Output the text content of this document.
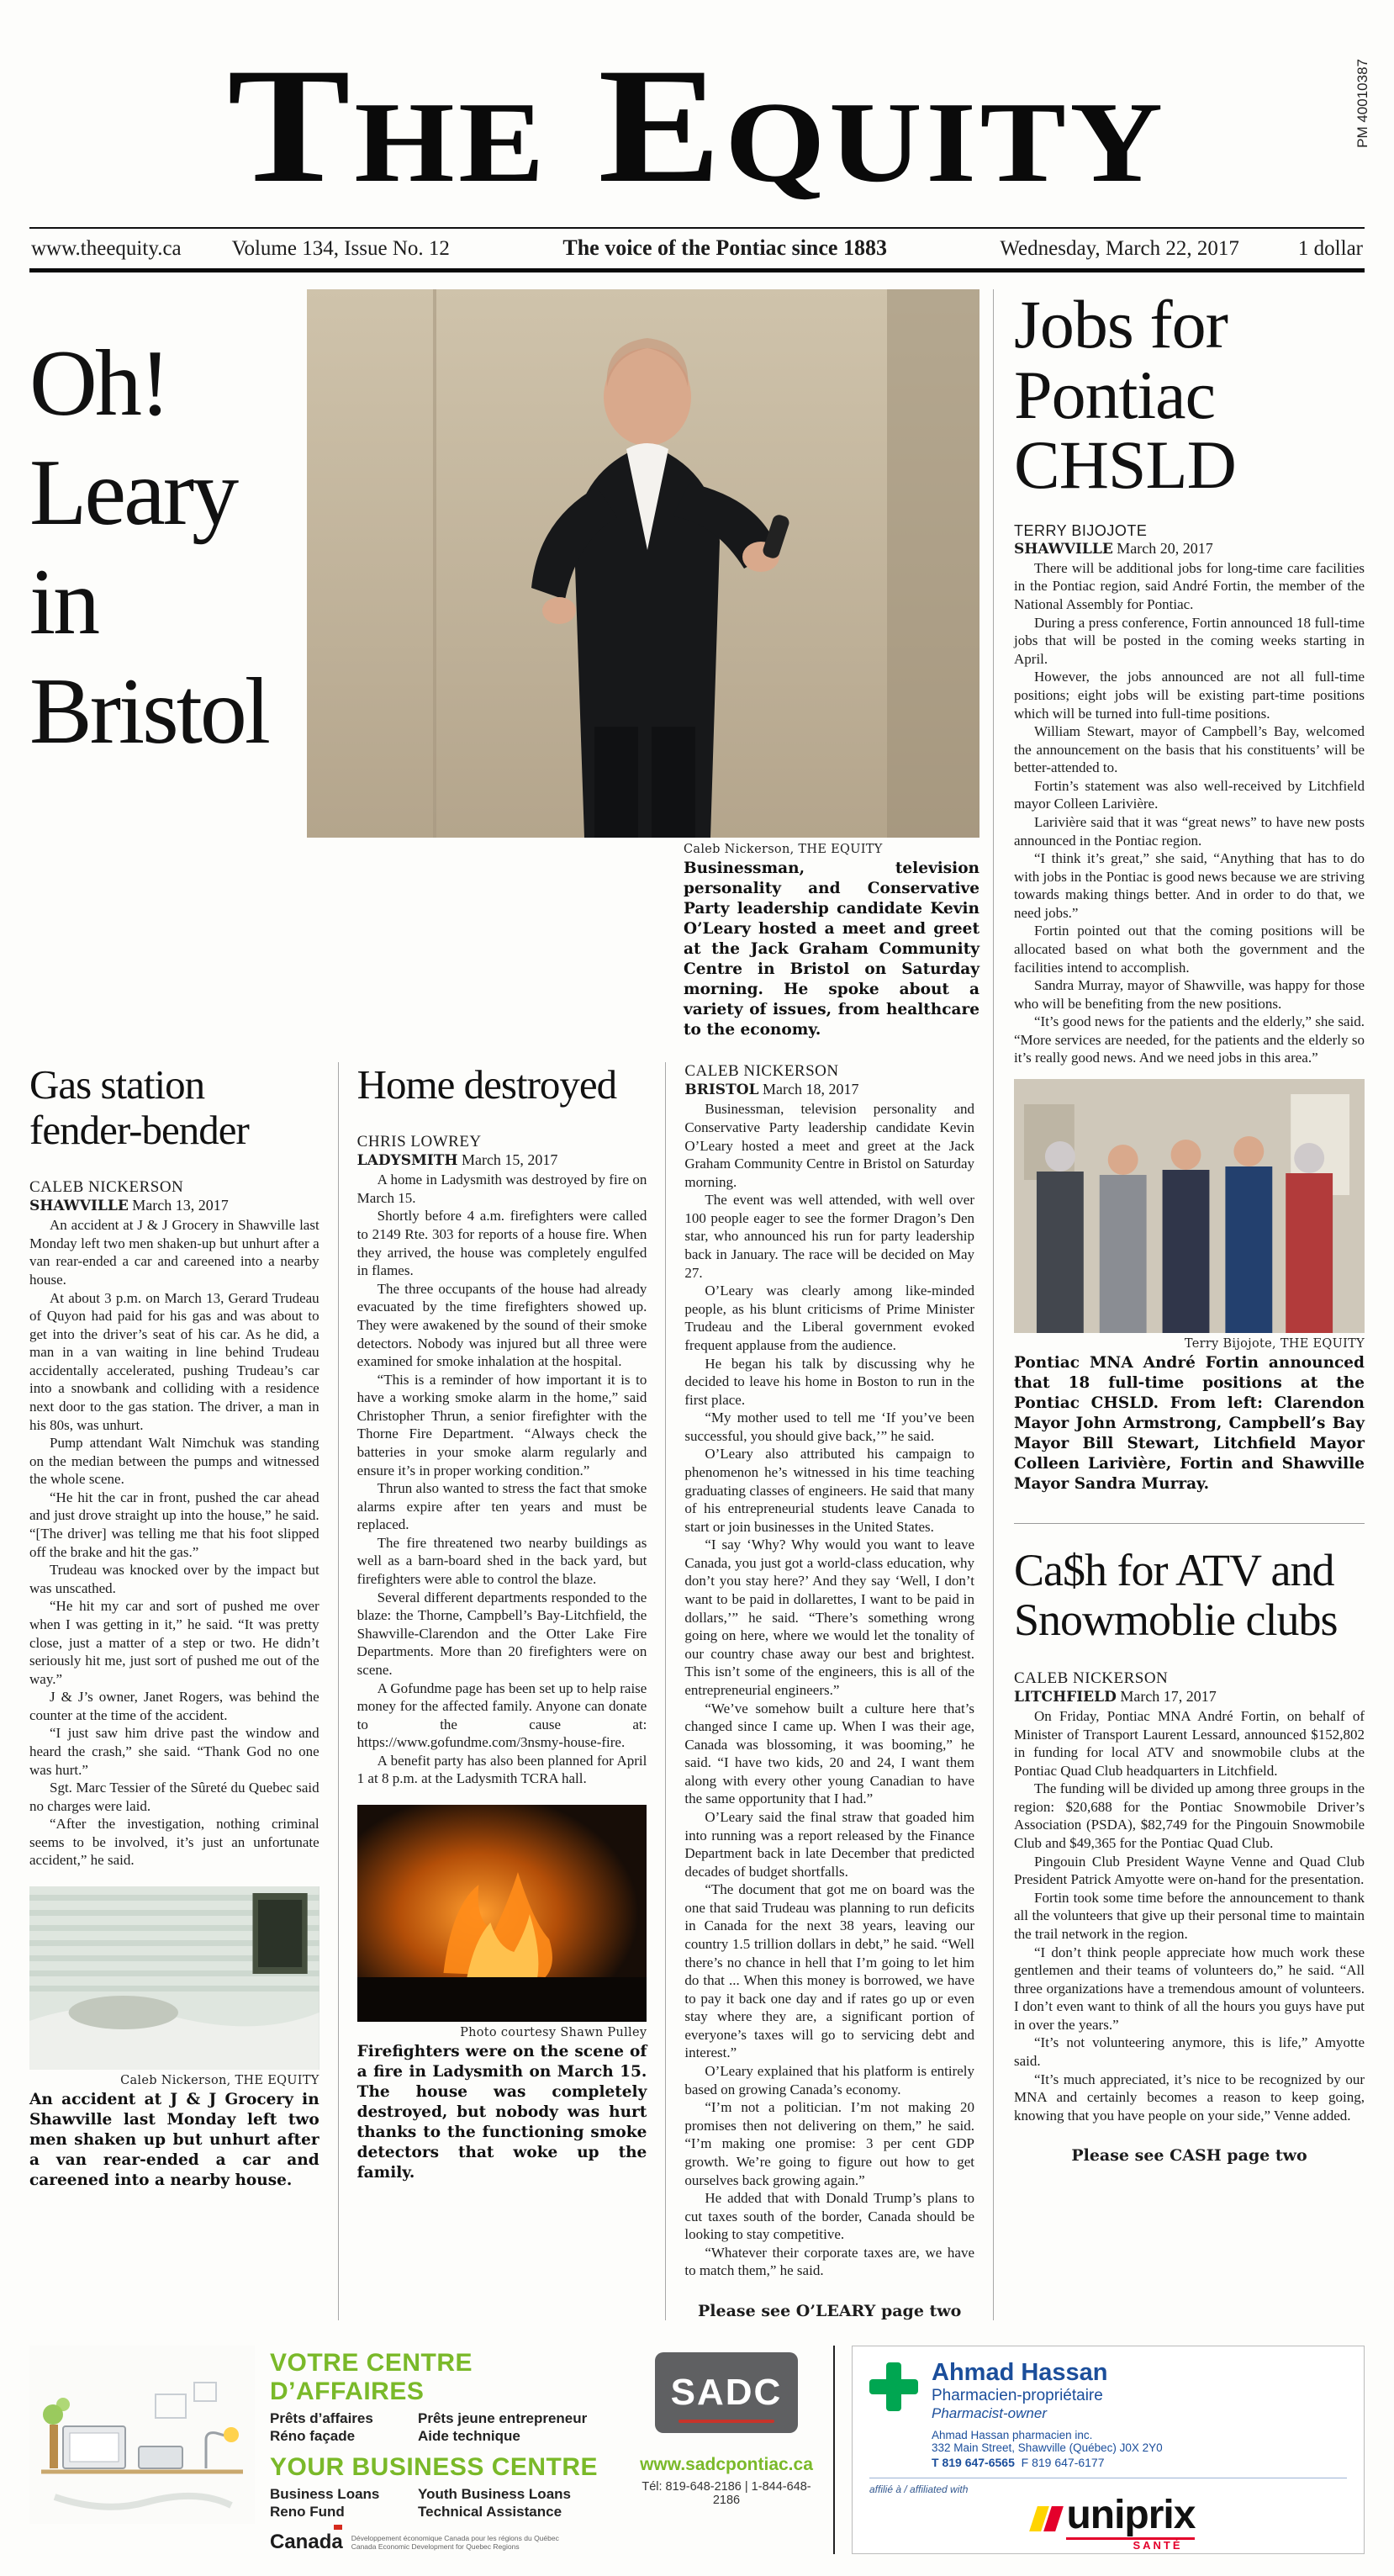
The Equity	PM 40010387
www.theequity.ca Volume 134, Issue No. 12	The voice of the Pontiac since 1883	Wednesday, March 22, 2017	1 dollar
Oh!
Leary
in
Bristol
Caleb Nickerson, THE EQUITY

Businessman, television personality and Conservative Party leadership candidate Kevin O’Leary hosted a meet and greet at the Jack Graham Community Centre in Bristol on Saturday morning. He spoke about a variety of issues, from healthcare to the economy.

Gas station
fender-bender
CALEB NICKERSON
SHAWVILLE March 13, 2017

An accident at J & J Grocery in Shawville last Monday left two men shaken-up but unhurt after a van rear-ended a car and careened into a nearby house.

At about 3 p.m. on March 13, Gerard Trudeau of Quyon had paid for his gas and was about to get into the driver’s seat of his car. As he did, a man in a van waiting in line behind Trudeau accidentally accelerated, pushing Trudeau’s car into a snowbank and colliding with a residence next door to the gas station. The driver, a man in his 80s, was unhurt.

Pump attendant Walt Nimchuk was standing on the median between the pumps and witnessed the whole scene.

“He hit the car in front, pushed the car ahead and just drove straight up into the house,” he said. “[The driver] was telling me that his foot slipped off the brake and hit the gas.”

Trudeau was knocked over by the impact but was unscathed.

“He hit my car and sort of pushed me over when I was getting in it,” he said. “It was pretty close, just a matter of a step or two. He didn’t seriously hit me, just sort of pushed me out of the way.”

J & J’s owner, Janet Rogers, was behind the counter at the time of the accident.

“I just saw him drive past the window and heard the crash,” she said. “Thank God no one was hurt.”

Sgt. Marc Tessier of the Sûreté du Quebec said no charges were laid.

“After the investigation, nothing criminal seems to be involved, it’s just an unfortunate accident,” he said.

Caleb Nickerson, THE EQUITY

An accident at J & J Grocery in Shawville last Monday left two men shaken up but unhurt after a van rear-ended a car and careened into a nearby house.

Home destroyed
CHRIS LOWREY
LADYSMITH March 15, 2017

A home in Ladysmith was destroyed by fire on March 15.

Shortly before 4 a.m. firefighters were called to 2149 Rte. 303 for reports of a house fire. When they arrived, the house was completely engulfed in flames.

The three occupants of the house had already evacuated by the time firefighters showed up. They were awakened by the sound of their smoke detectors. Nobody was injured but all three were examined for smoke inhalation at the hospital.

“This is a reminder of how important it is to have a working smoke alarm in the home,” said Christopher Thrun, a senior firefighter with the Thorne Fire Department. “Always check the batteries in your smoke alarm regularly and ensure it’s in proper working condition.”

Thrun also wanted to stress the fact that smoke alarms expire after ten years and must be replaced.

The fire threatened two nearby buildings as well as a barn-board shed in the back yard, but firefighters were able to control the blaze.

Several different departments responded to the blaze: the Thorne, Campbell’s Bay-Litchfield, the Shawville-Clarendon and the Otter Lake Fire Departments. More than 20 firefighters were on scene.

A Gofundme page has been set up to help raise money for the affected family. Anyone can donate to the cause at: https://www.gofundme.com/3nsmy-house-fire.

A benefit party has also been planned for April 1 at 8 p.m. at the Ladysmith TCRA hall.

Photo courtesy Shawn Pulley

Firefighters were on the scene of a fire in Ladysmith on March 15. The house was completely destroyed, but nobody was hurt thanks to the functioning smoke detectors that woke up the family.

CALEB NICKERSON
BRISTOL March 18, 2017

Businessman, television personality and Conservative Party leadership candidate Kevin O’Leary hosted a meet and greet at the Jack Graham Community Centre in Bristol on Saturday morning.

The event was well attended, with well over 100 people eager to see the former Dragon’s Den star, who announced his run for party leadership back in January. The race will be decided on May 27.

O’Leary was clearly among like-minded people, as his blunt criticisms of Prime Minister Trudeau and the Liberal government evoked frequent applause from the audience.

He began his talk by discussing why he decided to leave his home in Boston to run in the first place.

“My mother used to tell me ‘If you’ve been successful, you should give back,’” he said.

O’Leary also attributed his campaign to phenomenon he’s witnessed in his time teaching graduating classes of engineers. He said that many of his entrepreneurial students leave Canada to start or join businesses in the United States.

“I say ‘Why? Why would you want to leave Canada, you just got a world-class education, why don’t you stay here?’ And they say ‘Well, I don’t want to be paid in dollarettes, I want to be paid in dollars,’” he said. “There’s something wrong going on here, where we would let the tonality of our country chase away our best and brightest. This isn’t some of the engineers, this is all of the entrepreneurial engineers.”

“We’ve somehow built a culture here that’s changed since I came up. When I was their age, Canada was blossoming, it was booming,” he said. “I have two kids, 20 and 24, I want them along with every other young Canadian to have the same opportunity that I had.”

O’Leary said the final straw that goaded him into running was a report released by the Finance Department back in late December that predicted decades of budget shortfalls.

“The document that got me on board was the one that said Trudeau was planning to run deficits in Canada for the next 38 years, leaving our country 1.5 trillion dollars in debt,” he said. “Well there’s no chance in hell that I’m going to let him do that ... When this money is borrowed, we have to pay it back one day and if rates go up or even stay where they are, a significant portion of everyone’s taxes will go to servicing debt and interest.”

O’Leary explained that his platform is entirely based on growing Canada’s economy.

“I’m not a politician. I’m not making 20 promises then not delivering on them,” he said. “I’m making one promise: 3 per cent GDP growth. We’re going to figure out how to get ourselves back growing again.”

He added that with Donald Trump’s plans to cut taxes south of the border, Canada should be looking to stay competitive.

“Whatever their corporate taxes are, we have to match them,” he said.

Please see O’LEARY page two
Jobs for
Pontiac
CHSLD
TERRY BIJOJOTE
SHAWVILLE March 20, 2017

There will be additional jobs for long-time care facilities in the Pontiac region, said André Fortin, the member of the National Assembly for Pontiac.

During a press conference, Fortin announced 18 full-time jobs that will be posted in the coming weeks starting in April.

However, the jobs announced are not all full-time positions; eight jobs will be existing part-time positions which will be turned into full-time positions.

William Stewart, mayor of Campbell’s Bay, welcomed the announcement on the basis that his constituents’ will be better-attended to.

Fortin’s statement was also well-received by Litchfield mayor Colleen Larivière.

Larivière said that it was “great news” to have new posts announced in the Pontiac region.

“I think it’s great,” she said, “Anything that has to do with jobs in the Pontiac is good news because we are striving towards making things better. And in order to do that, we need jobs.”

Fortin pointed out that the coming positions will be allocated based on what both the government and the facilities intend to accomplish.

Sandra Murray, mayor of Shawville, was happy for those who will be benefiting from the new positions.

“It’s good news for the patients and the elderly,” she said. “More services are needed, for the patients and the elderly so it’s really good news. And we need jobs in this area.”

Terry Bijojote, THE EQUITY

Pontiac MNA André Fortin announced that 18 full-time positions at the Pontiac CHSLD. From left: Clarendon Mayor John Armstrong, Campbell’s Bay Mayor Bill Stewart, Litchfield Mayor Colleen Larivière, Fortin and Shawville Mayor Sandra Murray.

Ca$h for ATV and
Snowmoblie clubs
CALEB NICKERSON
LITCHFIELD March 17, 2017

On Friday, Pontiac MNA André Fortin, on behalf of Minister of Transport Laurent Lessard, announced $152,802 in funding for local ATV and snowmobile clubs at the Pontiac Quad Club headquarters in Litchfield.

The funding will be divided up among three groups in the region: $20,688 for the Pontiac Snowmobile Driver’s Association (PSDA), $82,749 for the Pingouin Snowmobile Club and $49,365 for the Pontiac Quad Club.

Pingouin Club President Wayne Venne and Quad Club President Patrick Amyotte were on-hand for the presentation.

Fortin took some time before the announcement to thank all the volunteers that give up their personal time to maintain the trail network in the region.

“I don’t think people appreciate how much work these gentlemen and their teams of volunteers do,” he said. “All three organizations have a tremendous amount of volunteers. I don’t even want to think of all the hours you guys have put in over the years.”

“It’s not volunteering anymore, this is life,” Amyotte said.

“It’s much appreciated, it’s nice to be recognized by our MNA and certainly becomes a reason to keep going, knowing that you have people on your side,” Venne added.

Please see CASH page two
VOTRE CENTRE D’AFFAIRES
Prêts d’affaires	Prêts jeune entrepreneur
Réno façade	Aide technique
YOUR BUSINESS CENTRE
Business Loans	Youth Business Loans
Reno Fund	Technical Assistance
Canada Développement économique Canada pour les régions du Québec
Canada Economic Development for Quebec Regions
SADC
www.sadcpontiac.ca
Tél: 819-648-2186 | 1-844-648-2186
Ahmad Hassan
Pharmacien-propriétaire
Pharmacist-owner
Ahmad Hassan pharmacien inc.
332 Main Street, Shawville (Québec) J0X 2Y0
T 819 647-6565 F 819 647-6177
affilié à / affiliated with
uniprix
SANTÉ
